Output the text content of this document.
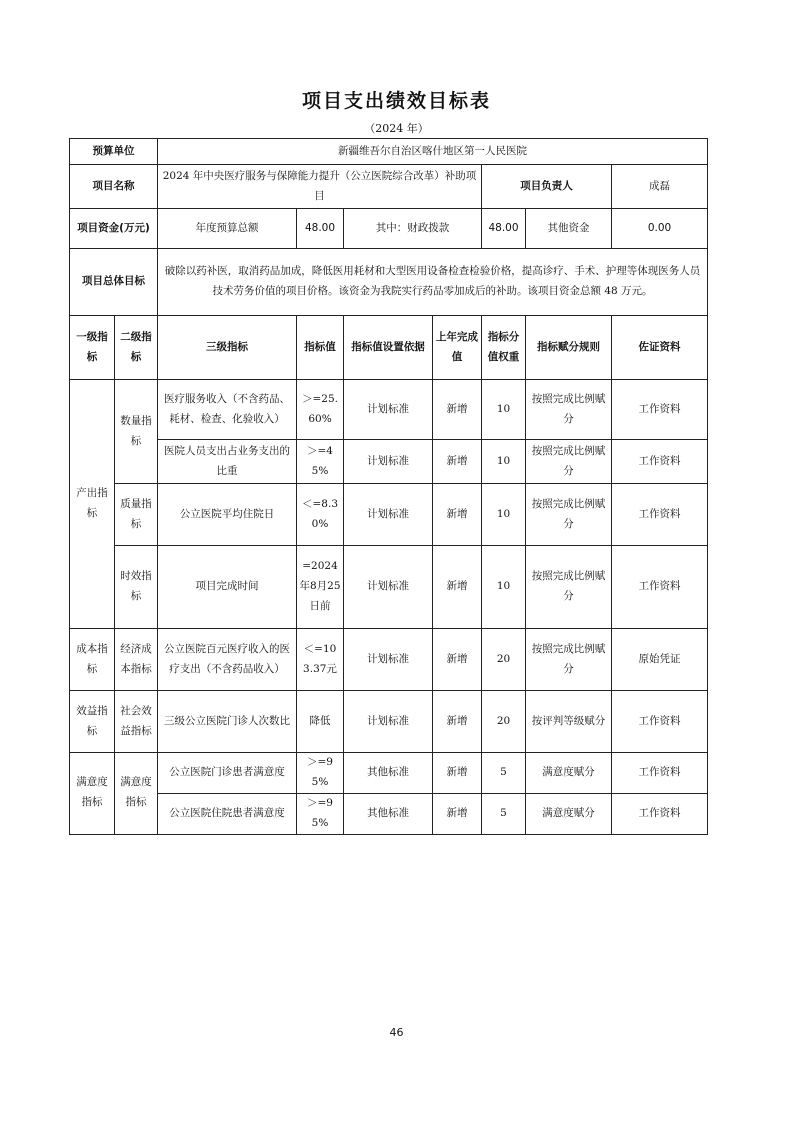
项目支出绩效目标表
（2024 年）
预算单位		新疆维吾尔自治区喀什地区第一人民医院						
项目名称		2024 年中央医疗服务与保障能力提升（公立医院综合改革）补助项目				项目负责人		成磊
项目资金(万元)		年度预算总额	48.00	其中：财政拨款		48.00	其他资金	0.00
项目总体目标		破除以药补医，取消药品加成，降低医用耗材和大型医用设备检查检验价格，提高诊疗、手术、护理等体现医务人员技术劳务价值的项目价格。该资金为我院实行药品零加成后的补助。该项目资金总额 48 万元。						
一级指标	二级指标	三级指标	指标值	指标值设置依据	上年完成值	指标分值权重	指标赋分规则	佐证资料
产出指标	数量指标	医疗服务收入（不含药品、耗材、检查、化验收入）	＞=25.60%	计划标准	新增	10	按照完成比例赋分	工作资料
		医院人员支出占业务支出的比重	＞=45%	计划标准	新增	10	按照完成比例赋分	工作资料
	质量指标	公立医院平均住院日	＜=8.30%	计划标准	新增	10	按照完成比例赋分	工作资料
	时效指标	项目完成时间	=2024年8月25日前	计划标准	新增	10	按照完成比例赋分	工作资料
成本指标	经济成本指标	公立医院百元医疗收入的医疗支出（不含药品收入）	＜=103.37元	计划标准	新增	20	按照完成比例赋分	原始凭证
效益指标	社会效益指标	三级公立医院门诊人次数比	降低	计划标准	新增	20	按评判等级赋分	工作资料
满意度指标	满意度指标	公立医院门诊患者满意度	＞=95%	其他标准	新增	5	满意度赋分	工作资料
		公立医院住院患者满意度	＞=95%	其他标准	新增	5	满意度赋分	工作资料
46
